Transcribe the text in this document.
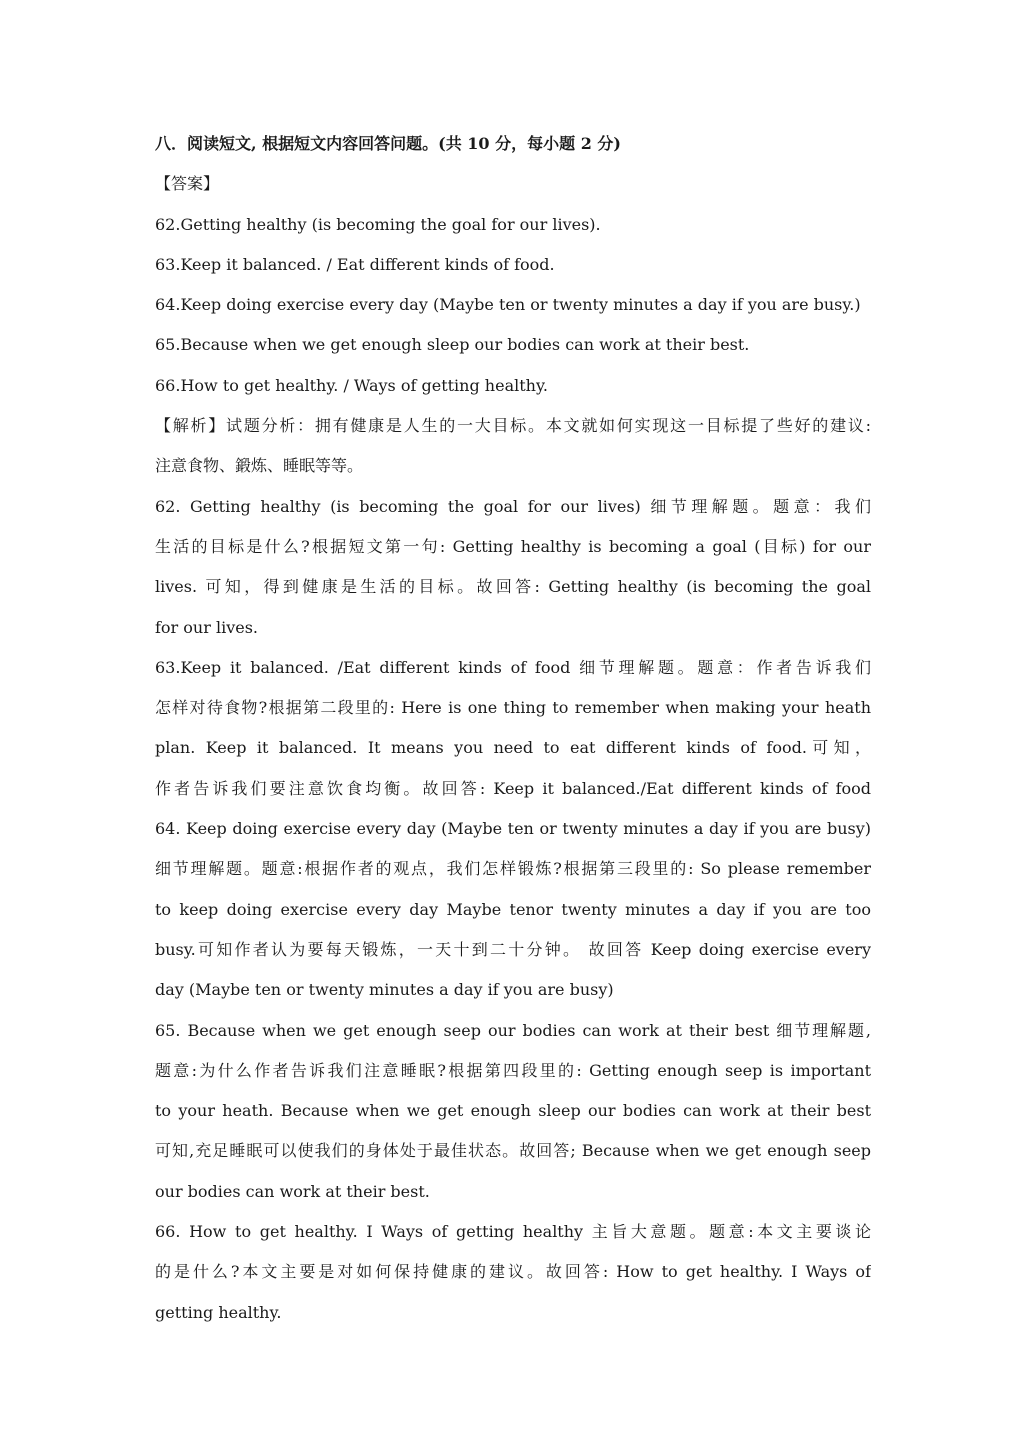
八．阅读短文, 根据短文内容回答问题。(共 10 分，每小题 2 分)
【答案】
62.Getting healthy (is becoming the goal for our lives).
63.Keep it balanced. / Eat different kinds of food.
64.Keep doing exercise every day (Maybe ten or twenty minutes a day if you are busy.)
65.Because when we get enough sleep our bodies can work at their best.
66.How to get healthy. / Ways of getting healthy.
【解析】试题分析：拥有健康是人生的一大目标。本文就如何实现这一目标提了些好的建议:
注意食物、鍛炼、睡眠等等。
62. Getting healthy (is becoming the goal for our lives) 细节理解题。题意：我们
生活的目标是什么?根据短文第一句: Getting healthy is becoming a goal (目标) for our
lives. 可知，得到健康是生活的目标。故回答: Getting healthy (is becoming the goal
for our lives.
63.Keep it balanced. /Eat different kinds of food 细节理解题。题意：作者告诉我们
怎样对待食物?根据第二段里的: Here is one thing to remember when making your heath
plan. Keep it balanced. It means you need to eat different kinds of food.可知，
作者告诉我们要注意饮食均衡。故回答: Keep it balanced./Eat different kinds of food
64. Keep doing exercise every day (Maybe ten or twenty minutes a day if you are busy)
细节理解题。题意:根据作者的观点，我们怎样锻炼?根据第三段里的: So please remember
to keep doing exercise every day Maybe tenor twenty minutes a day if you are too
busy.可知作者认为要每天锻炼，一天十到二十分钟。 故回答 Keep doing exercise every
day (Maybe ten or twenty minutes a day if you are busy)
65. Because when we get enough seep our bodies can work at their best 细节理解题,
题意:为什么作者告诉我们注意睡眠?根据第四段里的: Getting enough seep is important
to your heath. Because when we get enough sleep our bodies can work at their best
可知,充足睡眠可以使我们的身体处于最佳状态。故回答; Because when we get enough seep
our bodies can work at their best.
66. How to get healthy. I Ways of getting healthy 主旨大意题。题意:本文主要谈论
的是什么?本文主要是对如何保持健康的建议。故回答: How to get healthy. I Ways of
getting healthy.
